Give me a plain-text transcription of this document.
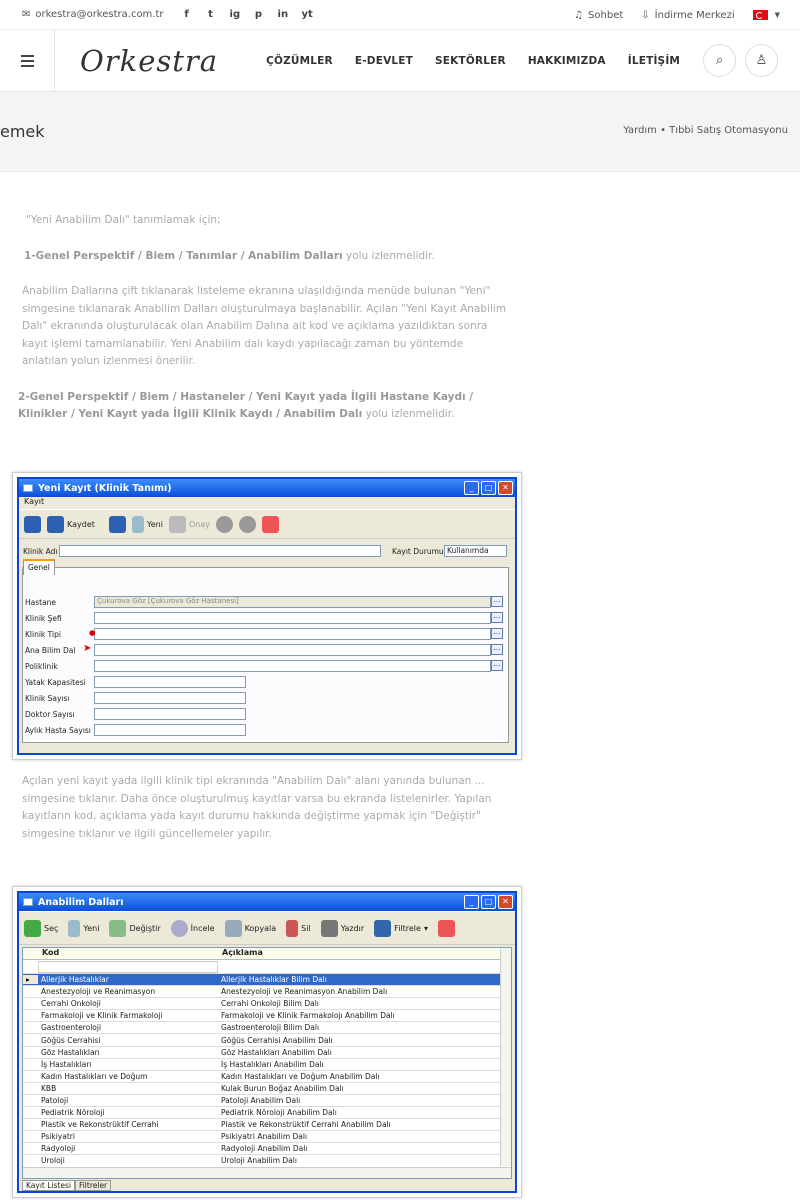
✉ orkestra@orkestra.com.tr f t ig p in yt	♫ Sohbet ⇩ İndirme Merkezi	▼
Orkestra	ÇÖZÜMLER E-DEVLET SEKTÖRLER HAKKIMIZDA İLETİŞİM	⌕	♙
emek	Yardım • Tıbbi Satış Otomasyonu

"Yeni Anabilim Dalı" tanımlamak için;

1-Genel Perspektif / Biem / Tanımlar / Anabilim Dalları yolu izlenmelidir.

Anabilim Dallarına çift tıklanarak listeleme ekranına ulaşıldığında menüde bulunan "Yeni" simgesine tıklanarak Anabilim Dalları oluşturulmaya başlanabilir. Açılan "Yeni Kayıt Anabilim Dalı" ekranında oluşturulacak olan Anabilim Dalına ait kod ve açıklama yazıldıktan sonra kayıt işlemi tamamlanabilir. Yeni Anabilim dalı kaydı yapılacağı zaman bu yöntemde anlatılan yolun izlenmesi önerilir.

2-Genel Perspektif / Biem / Hastaneler / Yeni Kayıt yada İlgili Hastane Kaydı / Klinikler / Yeni Kayıt yada İlgili Klinik Kaydı / Anabilim Dalı yolu izlenmelidir.

Yeni Kayıt (Klinik Tanımı)	_	□	✕
Kayıt
Kaydet	Yeni	Onay
Klinik Adı	Kayıt Durumu Kullanımda
Genel
Hastane	Çukurova Göz [Çukurova Göz Hastanesi]	...
Klinik Şefi	...
Klinik Tipi	...
Ana Bilim Dal	...
Poliklinik	...
Yatak Kapasitesi
Klinik Sayısı
Doktor Sayısı
Aylık Hasta Sayısı
➤
●

Açılan yeni kayıt yada ilgili klinik tipi ekranında "Anabilim Dalı" alanı yanında bulunan ... simgesine tıklanır. Daha önce oluşturulmuş kayıtlar varsa bu ekranda listelenirler. Yapılan kayıtların kod, açıklama yada kayıt durumu hakkında değiştirme yapmak için "Değiştir" simgesine tıklanır ve ilgili güncellemeler yapılır.

Anabilim Dalları	_	□	✕
Seç	Yeni	Değiştir	İncele	Kopyala	Sil	Yazdır	Filtrele ▾
Kod	Açıklama
▸	Allerjik Hastalıklar	Allerjik Hastalıklar Bilim Dalı
Anestezyoloji ve Reanimasyon	Anestezyoloji ve Reanimasyon Anabilim Dalı
Cerrahi Onkoloji	Cerrahi Onkoloji Bilim Dalı
Farmakoloji ve Klinik Farmakoloji	Farmakoloji ve Klinik Farmakolojı Anabilim Dalı
Gastroenteroloji	Gastroenteroloji Bilim Dalı
Göğüs Cerrahisi	Göğüs Cerrahisi Anabilim Dalı
Göz Hastalıkları	Göz Hastalıkları Anabilim Dalı
İş Hastalıkları	İş Hastalıkları Anabilim Dalı
Kadın Hastalıkları ve Doğum	Kadın Hastalıkları ve Doğum Anabilim Dalı
KBB	Kulak Burun Boğaz Anabilim Dalı
Patoloji	Patoloji Anabilim Dalı
Pediatrik Nöroloji	Pediatrik Nöroloji Anabilim Dalı
Plastik ve Rekonstrüktif Cerrahi	Plastik ve Rekonstrüktif Cerrahi Anabilim Dalı
Psikiyatri	Psikiyatri Anabilim Dalı
Radyoloji	Radyoloji Anabilim Dalı
Üroloji	Üroloji Anabilim Dalı
Kayıt Listesi	Filtreler
